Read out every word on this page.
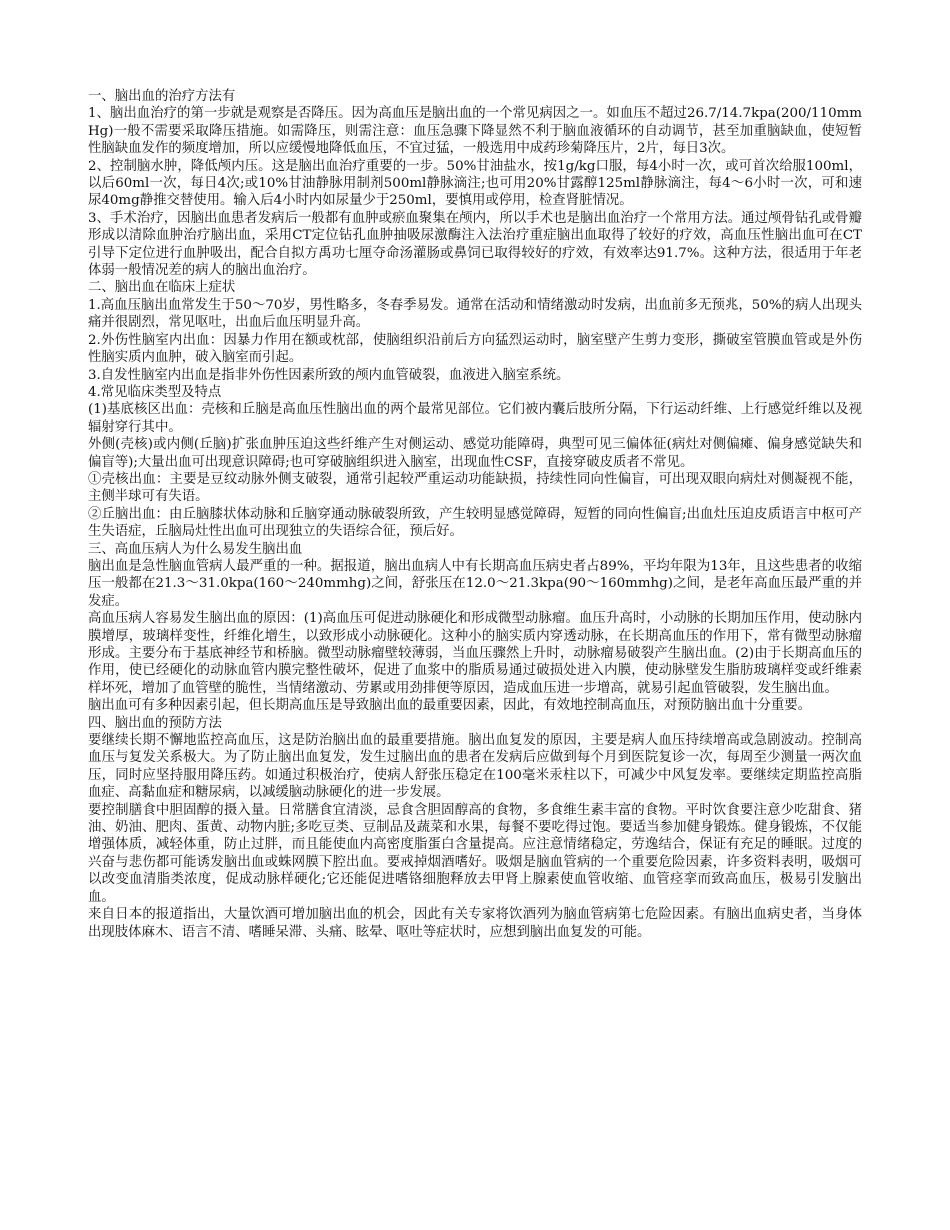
一、脑出血的治疗方法有

1、脑出血治疗的第一步就是观察是否降压。因为高血压是脑出血的一个常见病因之一。如血压不超过26.7/14.7kpa(200/110mmHg)一般不需要采取降压措施。如需降压，则需注意：血压急骤下降显然不利于脑血液循环的自动调节，甚至加重脑缺血，使短暂性脑缺血发作的频度增加，所以应缓慢地降低血压，不宜过猛，一般选用中成药珍菊降压片，2片，每日3次。

2、控制脑水肿，降低颅内压。这是脑出血治疗重要的一步。50%甘油盐水，按1g/kg口服，每4小时一次，或可首次给服100ml，以后60ml一次，每日4次;或10%甘油静脉用制剂500ml静脉滴注;也可用20%甘露醇125ml静脉滴注，每4～6小时一次，可和速尿40mg静推交替使用。输入后4小时内如尿量少于250ml，要慎用或停用，检查肾脏情况。

3、手术治疗，因脑出血患者发病后一般都有血肿或瘀血聚集在颅内，所以手术也是脑出血治疗一个常用方法。通过颅骨钻孔或骨瓣形成以清除血肿治疗脑出血，采用CT定位钻孔血肿抽吸尿激酶注入法治疗重症脑出血取得了较好的疗效，高血压性脑出血可在CT引导下定位进行血肿吸出，配合自拟方禹功七厘夺命汤灌肠或鼻饲已取得较好的疗效，有效率达91.7%。这种方法，很适用于年老体弱一般情况差的病人的脑出血治疗。

二、脑出血在临床上症状

1.高血压脑出血常发生于50～70岁，男性略多，冬春季易发。通常在活动和情绪激动时发病，出血前多无预兆，50%的病人出现头痛并很剧烈，常见呕吐，出血后血压明显升高。

2.外伤性脑室内出血：因暴力作用在额或枕部，使脑组织沿前后方向猛烈运动时，脑室壁产生剪力变形，撕破室管膜血管或是外伤性脑实质内血肿，破入脑室而引起。

3.自发性脑室内出血是指非外伤性因素所致的颅内血管破裂，血液进入脑室系统。

4.常见临床类型及特点

(1)基底核区出血：壳核和丘脑是高血压性脑出血的两个最常见部位。它们被内囊后肢所分隔，下行运动纤维、上行感觉纤维以及视辐射穿行其中。

外侧(壳核)或内侧(丘脑)扩张血肿压迫这些纤维产生对侧运动、感觉功能障碍，典型可见三偏体征(病灶对侧偏瘫、偏身感觉缺失和偏盲等);大量出血可出现意识障碍;也可穿破脑组织进入脑室，出现血性CSF，直接穿破皮质者不常见。

①壳核出血：主要是豆纹动脉外侧支破裂，通常引起较严重运动功能缺损，持续性同向性偏盲，可出现双眼向病灶对侧凝视不能，主侧半球可有失语。

②丘脑出血：由丘脑膝状体动脉和丘脑穿通动脉破裂所致，产生较明显感觉障碍，短暂的同向性偏盲;出血灶压迫皮质语言中枢可产生失语症，丘脑局灶性出血可出现独立的失语综合征，预后好。

三、高血压病人为什么易发生脑出血

脑出血是急性脑血管病人最严重的一种。据报道，脑出血病人中有长期高血压病史者占89%，平均年限为13年，且这些患者的收缩压一般都在21.3～31.0kpa(160～240mmhg)之间，舒张压在12.0～21.3kpa(90～160mmhg)之间，是老年高血压最严重的并发症。

高血压病人容易发生脑出血的原因：(1)高血压可促进动脉硬化和形成微型动脉瘤。血压升高时，小动脉的长期加压作用，使动脉内膜增厚，玻璃样变性，纤维化增生，以致形成小动脉硬化。这种小的脑实质内穿透动脉，在长期高血压的作用下，常有微型动脉瘤形成。主要分布于基底神经节和桥脑。微型动脉瘤壁较薄弱，当血压骤然上升时，动脉瘤易破裂产生脑出血。(2)由于长期高血压的作用，使已经硬化的动脉血管内膜完整性破坏，促进了血浆中的脂质易通过破损处进入内膜，使动脉壁发生脂肪玻璃样变或纤维素样坏死，增加了血管壁的脆性，当情绪激动、劳累或用劲排便等原因，造成血压进一步增高，就易引起血管破裂，发生脑出血。

脑出血可有多种因素引起，但长期高血压是导致脑出血的最重要因素，因此，有效地控制高血压，对预防脑出血十分重要。

四、脑出血的预防方法

要继续长期不懈地监控高血压，这是防治脑出血的最重要措施。脑出血复发的原因，主要是病人血压持续增高或急剧波动。控制高血压与复发关系极大。为了防止脑出血复发，发生过脑出血的患者在发病后应做到每个月到医院复诊一次，每周至少测量一两次血压，同时应坚持服用降压药。如通过积极治疗，使病人舒张压稳定在100毫米汞柱以下，可减少中风复发率。要继续定期监控高脂血症、高黏血症和糖尿病，以减缓脑动脉硬化的进一步发展。

要控制膳食中胆固醇的摄入量。日常膳食宜清淡，忌食含胆固醇高的食物，多食维生素丰富的食物。平时饮食要注意少吃甜食、猪油、奶油、肥肉、蛋黄、动物内脏;多吃豆类、豆制品及蔬菜和水果，每餐不要吃得过饱。要适当参加健身锻炼。健身锻炼，不仅能增强体质，减轻体重，防止过胖，而且能使血内高密度脂蛋白含量提高。应注意情绪稳定，劳逸结合，保证有充足的睡眠。过度的兴奋与悲伤都可能诱发脑出血或蛛网膜下腔出血。要戒掉烟酒嗜好。吸烟是脑血管病的一个重要危险因素，许多资料表明，吸烟可以改变血清脂类浓度，促成动脉样硬化;它还能促进嗜铬细胞释放去甲肾上腺素使血管收缩、血管痉挛而致高血压，极易引发脑出血。

来自日本的报道指出，大量饮酒可增加脑出血的机会，因此有关专家将饮酒列为脑血管病第七危险因素。有脑出血病史者，当身体出现肢体麻木、语言不清、嗜睡呆滞、头痛、眩晕、呕吐等症状时，应想到脑出血复发的可能。
